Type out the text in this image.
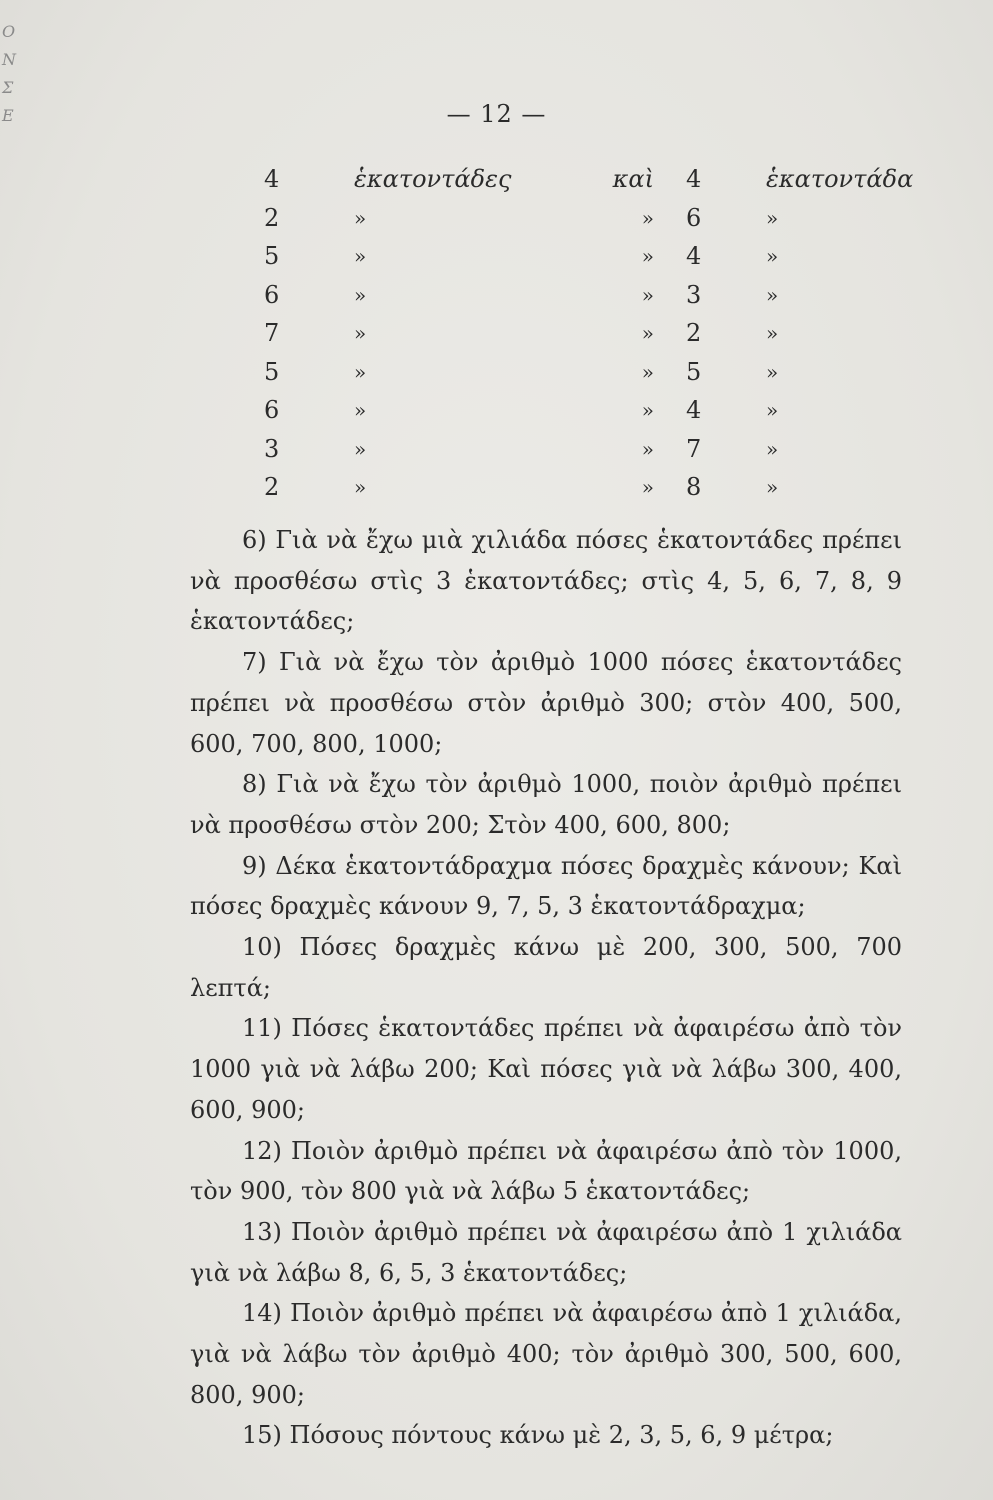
Ο
Ν
Σ
Ε	— 12 —
4	ἑκατοντάδες	καὶ	4	ἑκατοντάδα
2	»	»	6	»
5	»	»	4	»
6	»	»	3	»
7	»	»	2	»
5	»	»	5	»
6	»	»	4	»
3	»	»	7	»
2	»	»	8	»

6) Γιὰ νὰ ἔχω μιὰ χιλιάδα πόσες ἑκατοντάδες πρέπει νὰ προσθέσω στὶς 3 ἑκατοντάδες; στὶς 4, 5, 6, 7, 8, 9 ἑκατοντάδες;

7) Γιὰ νὰ ἔχω τὸν ἀριθμὸ 1000 πόσες ἑκατοντάδες πρέπει νὰ προσθέσω στὸν ἀριθμὸ 300; στὸν 400, 500, 600, 700, 800, 1000;

8) Γιὰ νὰ ἔχω τὸν ἀριθμὸ 1000, ποιὸν ἀριθμὸ πρέπει νὰ προσθέσω στὸν 200; Στὸν 400, 600, 800;

9) Δέκα ἑκατοντάδραχμα πόσες δραχμὲς κάνουν; Καὶ πόσες δραχμὲς κάνουν 9, 7, 5, 3 ἑκατοντάδραχμα;

10) Πόσες δραχμὲς κάνω μὲ 200, 300, 500, 700 λεπτά;

11) Πόσες ἑκατοντάδες πρέπει νὰ ἀφαιρέσω ἀπὸ τὸν 1000 γιὰ νὰ λάβω 200; Καὶ πόσες γιὰ νὰ λάβω 300, 400, 600, 900;

12) Ποιὸν ἀριθμὸ πρέπει νὰ ἀφαιρέσω ἀπὸ τὸν 1000, τὸν 900, τὸν 800 γιὰ νὰ λάβω 5 ἑκατοντάδες;

13) Ποιὸν ἀριθμὸ πρέπει νὰ ἀφαιρέσω ἀπὸ 1 χιλιάδα γιὰ νὰ λάβω 8, 6, 5, 3 ἑκατοντάδες;

14) Ποιὸν ἀριθμὸ πρέπει νὰ ἀφαιρέσω ἀπὸ 1 χιλιάδα, γιὰ νὰ λάβω τὸν ἀριθμὸ 400; τὸν ἀριθμὸ 300, 500, 600, 800, 900;

15) Πόσους πόντους κάνω μὲ 2, 3, 5, 6, 9 μέτρα;
